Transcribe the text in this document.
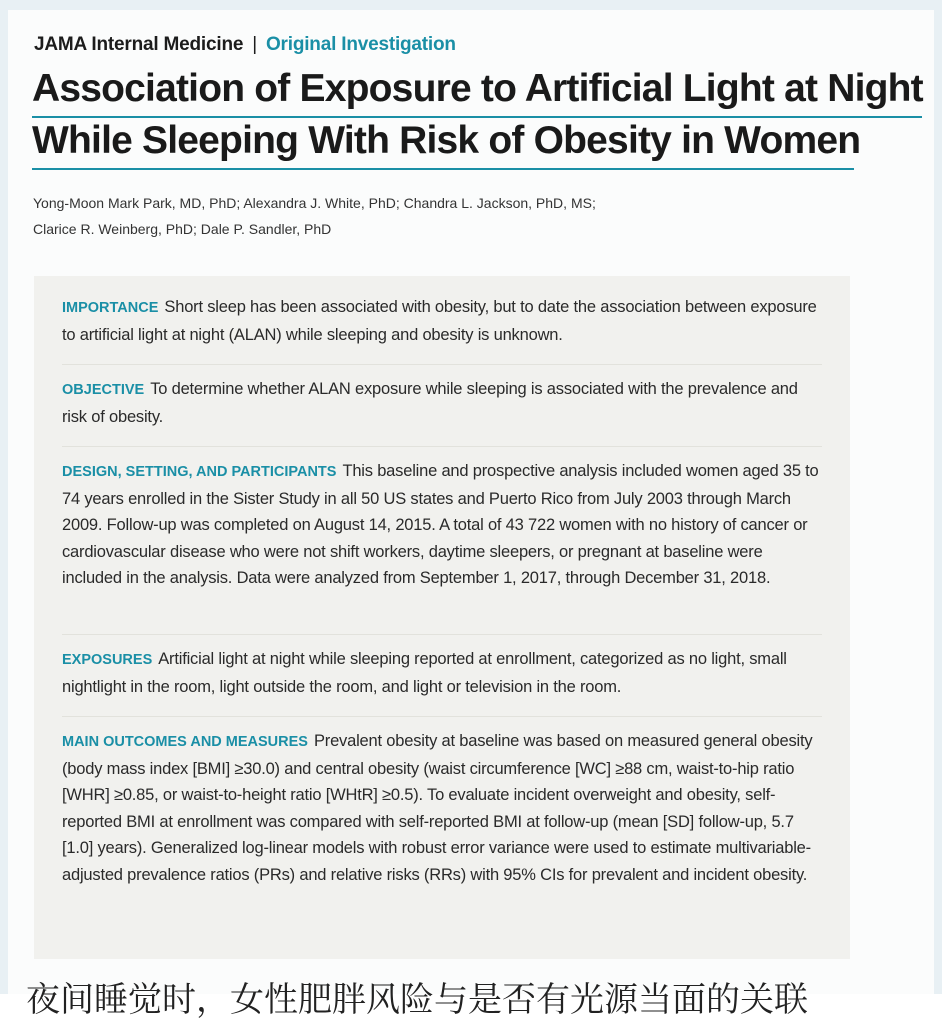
JAMA Internal Medicine | Original Investigation
Association of Exposure to Artificial Light at Night
While Sleeping With Risk of Obesity in Women
Yong-Moon Mark Park, MD, PhD; Alexandra J. White, PhD; Chandra L. Jackson, PhD, MS;
Clarice R. Weinberg, PhD; Dale P. Sandler, PhD
IMPORTANCE Short sleep has been associated with obesity, but to date the association between exposure to artificial light at night (ALAN) while sleeping and obesity is unknown.
OBJECTIVE To determine whether ALAN exposure while sleeping is associated with the prevalence and risk of obesity.
DESIGN, SETTING, AND PARTICIPANTS This baseline and prospective analysis included women aged 35 to 74 years enrolled in the Sister Study in all 50 US states and Puerto Rico from July 2003 through March 2009. Follow-up was completed on August 14, 2015. A total of 43 722 women with no history of cancer or cardiovascular disease who were not shift workers, daytime sleepers, or pregnant at baseline were included in the analysis. Data were analyzed from September 1, 2017, through December 31, 2018.
EXPOSURES Artificial light at night while sleeping reported at enrollment, categorized as no light, small nightlight in the room, light outside the room, and light or television in the room.
MAIN OUTCOMES AND MEASURES Prevalent obesity at baseline was based on measured general obesity (body mass index [BMI] ≥30.0) and central obesity (waist circumference [WC] ≥88 cm, waist-to-hip ratio [WHR] ≥0.85, or waist-to-height ratio [WHtR] ≥0.5). To evaluate incident overweight and obesity, self-reported BMI at enrollment was compared with self-reported BMI at follow-up (mean [SD] follow-up, 5.7 [1.0] years). Generalized log-linear models with robust error variance were used to estimate multivariable-adjusted prevalence ratios (PRs) and relative risks (RRs) with 95% CIs for prevalent and incident obesity.
夜间睡觉时，女性肥胖风险与是否有光源当面的关联
